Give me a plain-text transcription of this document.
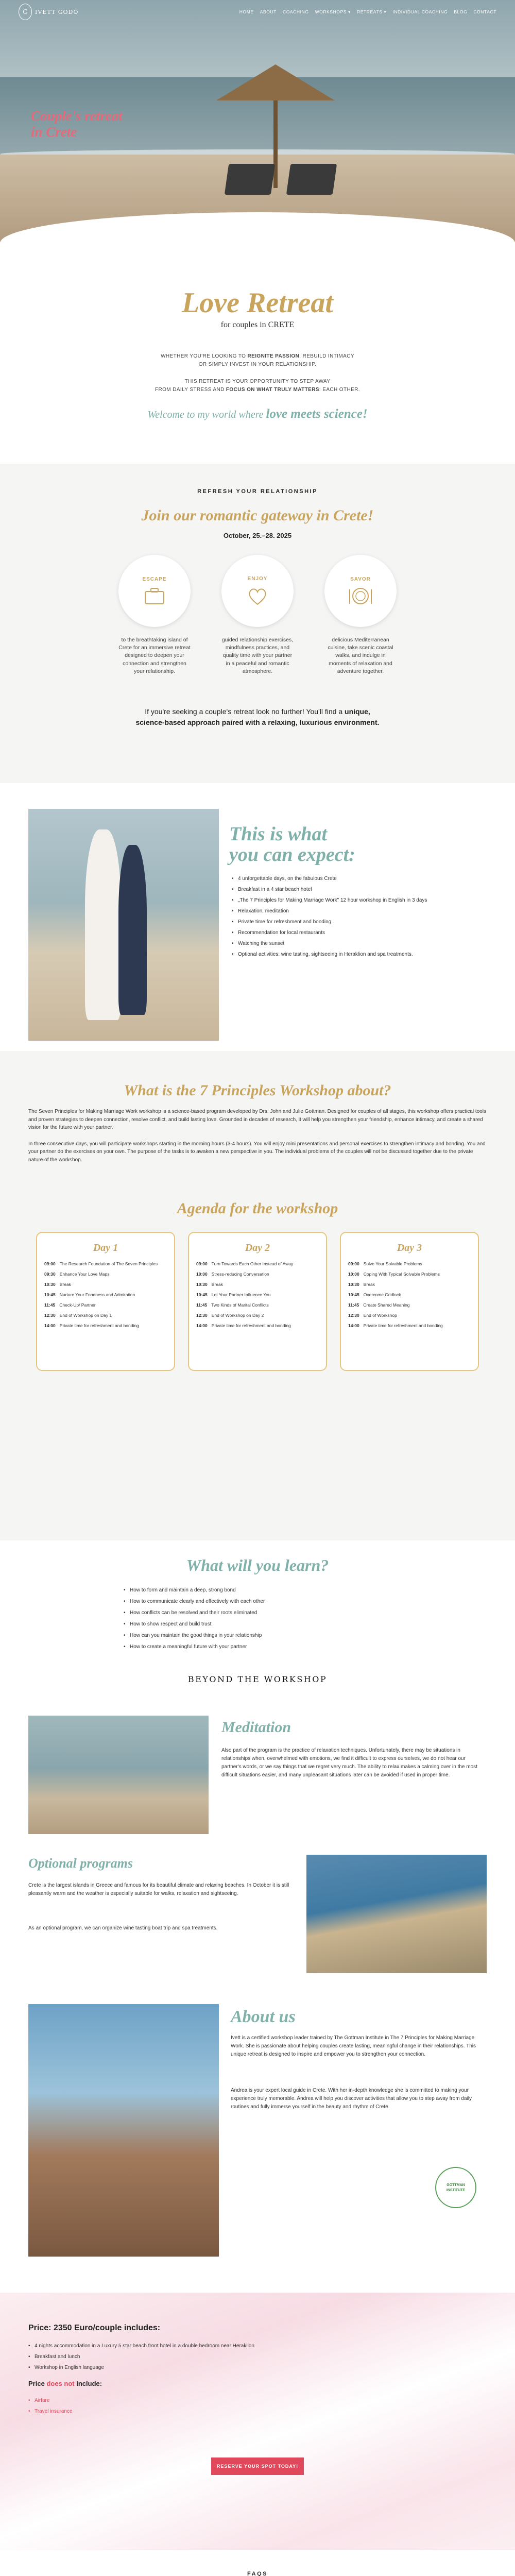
G	IVETT GODÓ	HOME ABOUT COACHING WORKSHOPS ▾ RETREATS ▾ INDIVIDUAL COACHING BLOG CONTACT
Couple's retreat
in Crete
Love Retreat
for couples in CRETE

WHETHER YOU'RE LOOKING TO REIGNITE PASSION, REBUILD INTIMACY
OR SIMPLY INVEST IN YOUR RELATIONSHIP.

THIS RETREAT IS YOUR OPPORTUNITY TO STEP AWAY
FROM DAILY STRESS AND FOCUS ON WHAT TRULY MATTERS: EACH OTHER.

Welcome to my world where love meets science!
REFRESH YOUR RELATIONSHIP
Join our romantic gateway in Crete!
October, 25.–28. 2025
ESCAPE

to the breathtaking island of Crete for an immersive retreat designed to deepen your connection and strengthen your relationship.

ENJOY

guided relationship exercises, mindfulness practices, and quality time with your partner in a peaceful and romantic atmosphere.

SAVOR

delicious Mediterranean cuisine, take scenic coastal walks, and indulge in moments of relaxation and adventure together.

If you're seeking a couple's retreat look no further! You'll find a unique,
science-based approach paired with a relaxing, luxurious environment.

This is what
you can expect:
• 4 unforgettable days, on the fabulous Crete
• Breakfast in a 4 star beach hotel
• „The 7 Principles for Making Marriage Work" 12 hour workshop in English in 3 days
• Relaxation, meditation
• Private time for refreshment and bonding
• Recommendation for local restaurants
• Watching the sunset
• Optional activities: wine tasting, sightseeing in Heraklion and spa treatments.
What is the 7 Principles Workshop about?

The Seven Principles for Making Marriage Work workshop is a science-based program developed by Drs. John and Julie Gottman. Designed for couples of all stages, this workshop offers practical tools and proven strategies to deepen connection, resolve conflict, and build lasting love. Grounded in decades of research, it will help you strengthen your friendship, enhance intimacy, and create a shared vision for the future with your partner.

In three consecutive days, you will participate workshops starting in the morning hours (3-4 hours). You will enjoy mini presentations and personal exercises to strengthen intimacy and bonding. You and your partner do the exercises on your own. The purpose of the tasks is to awaken a new perspective in you. The individual problems of the couples will not be discussed together due to the private nature of the workshop.

Agenda for the workshop
Day 1
09:00 The Research Foundation of The Seven Principles
09:30 Enhance Your Love Maps
10:30 Break
10:45 Nurture Your Fondness and Admiration
11:45 Check-Up/ Partner
12:30 End of Workshop on Day 1
14:00 Private time for refreshment and bonding
Day 2
09:00 Turn Towards Each Other Instead of Away
10:00 Stress-reducing Conversation
10:30 Break
10:45 Let Your Partner Influence You
11:45 Two Kinds of Marital Conflicts
12:30 End of Workshop on Day 2
14:00 Private time for refreshment and bonding
Day 3
09:00 Solve Your Solvable Problems
10:00 Coping With Typical Solvable Problems
10:30 Break
10:45 Overcome Gridlock
11:45 Create Shared Meaning
12:30 End of Workshop
14:00 Private time for refreshment and bonding
What will you learn?
• How to form and maintain a deep, strong bond
• How to communicate clearly and effectively with each other
• How conflicts can be resolved and their roots eliminated
• How to show respect and build trust
• How can you maintain the good things in your relationship
• How to create a meaningful future with your partner
BEYOND THE WORKSHOP
Meditation

Also part of the program is the practice of relaxation techniques. Unfortunately, there may be situations in relationships when, overwhelmed with emotions, we find it difficult to express ourselves, we do not hear our partner's words, or we say things that we regret very much. The ability to relax makes a calming over in the most difficult situations easier, and many unpleasant situations later can be avoided if used in proper time.

Optional programs

Crete is the largest islands in Greece and famous for its beautiful climate and relaxing beaches. In October it is still pleasantly warm and the weather is especially suitable for walks, relaxation and sightseeing.

As an optional program, we can organize wine tasting boat trip and spa treatments.

About us

Ivett is a certified workshop leader trained by The Gottman Institute in The 7 Principles for Making Marriage Work. She is passionate about helping couples create lasting, meaningful change in their relationships. This unique retreat is designed to inspire and empower you to strengthen your connection.

Andrea is your expert local guide in Crete. With her in-depth knowledge she is committed to making your experience truly memorable. Andrea will help you discover activities that allow you to step away from daily routines and fully immerse yourself in the beauty and rhythm of Crete.

GOTTMAN
INSTITUTE
Price: 2350 Euro/couple includes:
• 4 nights accommodation in a Luxury 5 star beach front hotel in a double bedroom near Heraklion
• Breakfast and lunch
• Workshop in English language
Price does not include:
• Airfare
• Travel insurance
RESERVE YOUR SPOT TODAY!
FAQS
